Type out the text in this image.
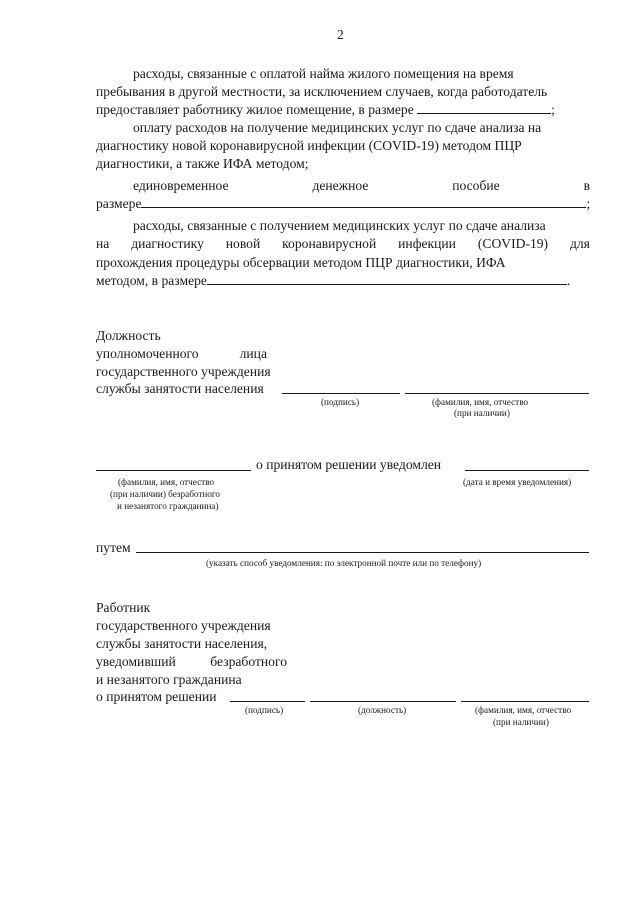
2
расходы, связанные с оплатой найма жилого помещения на время
пребывания в другой местности, за исключением случаев, когда работодатель
предоставляет работнику жилое помещение, в размере	;
оплату расходов на получение медицинских услуг по сдаче анализа на
диагностику новой коронавирусной инфекции (COVID-19) методом ПЦР
диагностики, а также ИФА методом;
единовременное	денежное	пособие	в
размере	;
расходы, связанные с получением медицинских услуг по сдаче анализа
на диагностику новой коронавирусной инфекции (COVID-19) для
прохождения процедуры обсервации методом ПЦР диагностики, ИФА
методом, в размере	.
Должность
уполномоченного	лица
государственного учреждения
службы занятости населения
(подпись)	(фамилия, имя, отчество
(при наличии)
о принятом решении уведомлен
(фамилия, имя, отчество
(при наличии) безработного
и незанятого гражданина)
(дата и время уведомления)
путем
(указать способ уведомления: по электронной почте или по телефону)
Работник
государственного учреждения
службы занятости населения,
уведомивший	безработного
и незанятого гражданина
о принятом решении
(подпись)	(должность)	(фамилия, имя, отчество
(при наличии)
